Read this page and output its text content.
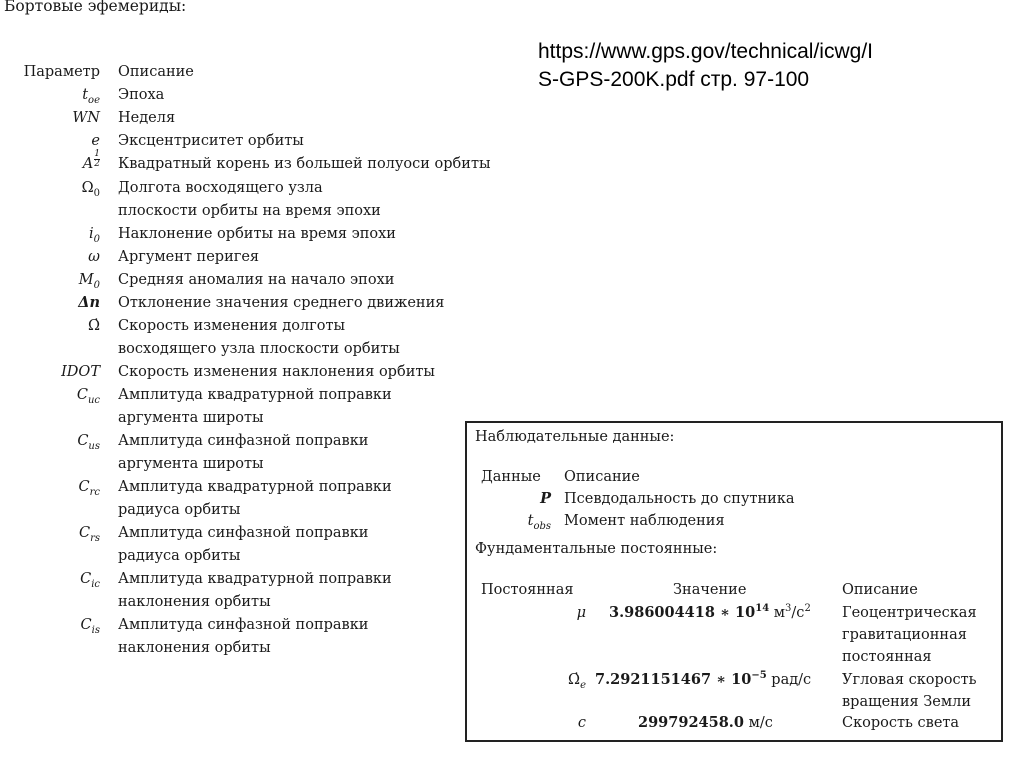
Бортовые эфемериды:
https://www.gps.gov/technical/icwg/I
S-GPS-200K.pdf стр. 97-100
Параметр Описание
$t_{oe}$ Эпоха
WN Неделя
e Эксцентриситет орбиты
A $\frac{1}{2}$ Квадратный корень из большей полуоси орбиты
$\Omega_0$ Долгота восходящего узла
плоскости орбиты на время эпохи
$i_0$ Наклонение орбиты на время эпохи
ω Аргумент перигея
$M_0$ Средняя аномалия на начало эпохи
Δn Отклонение значения среднего движения
Ω̇ Скорость изменения долготы
восходящего узла плоскости орбиты
IDOT Скорость изменения наклонения орбиты
$C_{uc}$ Амплитуда квадратурной поправки
аргумента широты
$C_{us}$ Амплитуда синфазной поправки
аргумента широты
$C_{rc}$ Амплитуда квадратурной поправки
радиуса орбиты
$C_{rs}$ Амплитуда синфазной поправки
радиуса орбиты
$C_{ic}$ Амплитуда квадратурной поправки
наклонения орбиты
$C_{is}$ Амплитуда синфазной поправки
наклонения орбиты
Наблюдательные данные:
Данные Описание
P Псевдодальность до спутника
$t_{obs}$ Момент наблюдения
Фундаментальные постоянные:
Постоянная	Значение	Описание
μ 3.986004418 ∗ $10^{14}$ $м^3/c^2$ Геоцентрическая
гравитационная
постоянная
$\Omegȧ_e$ 7.2921151467 ∗ $10^{-5}$ рад/с Угловая скорость
вращения Земли
c	299792458.0 м/с	Скорость света
